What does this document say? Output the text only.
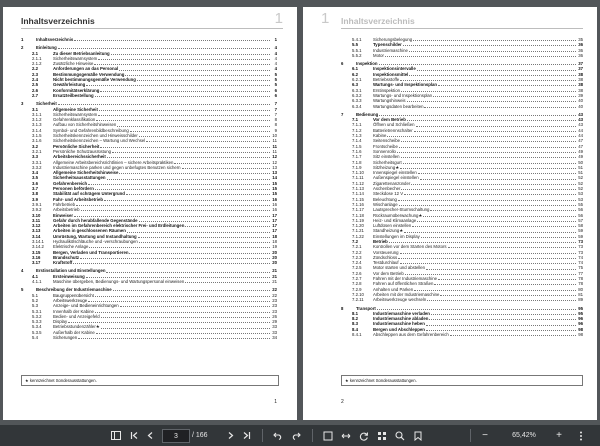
Inhaltsverzeichnis	1
1	Inhaltsverzeichnis	1
2	Einleitung	4
2.1	Zu dieser Betriebsanleitung	4
2.1.1	Sicherheitswarnsystem	4
2.1.2	Zusätzliche Hinweise	4
2.2	Anforderungen an das Personal	4
2.3	Bestimmungsgemäße Verwendung	5
2.4	Nicht bestimmungsgemäße Verwendung	5
2.5	Gewährleistung	5
2.6	Konformitätserklärung	6
2.7	Ersatzteilbestellung	6
3	Sicherheit	7
3.1	Allgemeine Sicherheit	7
3.1.1	Sicherheitswarnsystem	7
3.1.2	Gefahrenklassifikation	8
3.1.3	Aufbau von Sicherheitshinweisen	8
3.1.4	Symbol- und Gefahrenbildbeschreibung	9
3.1.5	Sicherheitskennzeichen und Hinweisschilder	10
3.1.6	Sicherheitskennzeichen – Wartung und Wechsel	11
3.2	Persönliche Sicherheit	11
3.2.1	Persönliche Schutzausrüstung	11
3.3	Arbeitsbereichssicherheit	12
3.3.1	Allgemeine Arbeitsbereichsrichtlinien – sichere Arbeitspraktiken	12
3.3.2	Industriemaschine parken und gegen unbefugtes Benutzen sichern	13
3.4	Allgemeine Sicherheitshinweise	13
3.5	Sicherheitsausstattungen	14
3.6	Gefahrenbereich	15
3.7	Personen befördern	15
3.8	Stabilität auf schrägem Untergrund	15
3.9	Fahr- und Arbeitsbetrieb	16
3.9.1	Fahrbetrieb	16
3.9.2	Arbeitsbetrieb	16
3.10	Einweiser	17
3.11	Gefahr durch herabfallende Gegenstände	17
3.12	Arbeiten im Gefahrenbereich elektrischer Frei- und Erdleitungen	17
3.13	Arbeiten in geschlossenen Räumen	17
3.14	Umrüstung, Wartung und Instandhaltung	18
3.14.1	Hydraulikölschläuche und -verschraubungen	18
3.14.2	Elektrische Anlage	19
3.15	Bergen, Verladen und Transportieren	20
3.16	Brandschutz	20
3.17	Kraftstoff	20
4	Erstinstallation und Einstellungen	21
4.1	Ersteinweisung	21
4.1.1	Maschine übergeben, Bedienungs- und Wartungspersonal einweisen	21
5	Beschreibung der Industriemaschine	22
5.1	Baugruppenübersicht	22
5.2	Arbeitswerkzeuge	23
5.3	Anzeige- und Bedieneinrichtungen	23
5.3.1	Innenhalb der Kabine	23
5.3.2	Bedien- und Anzeigefeld	26
5.3.3	Display	29
5.3.4	Betriebsstundenzähler★	33
5.3.5	Außerhalb der Kabine	33
5.4	Sicherungen	34
★ kennzeichnet Sonderausstattungen.
1
1 Inhaltsverzeichnis
5.4.1	Sicherungsbelegung	35
5.5	Typenschilder	36
5.5.1	Industriemaschine	36
5.5.2	Motor	36
6	Inspektion	37
6.1	Inspektionsintervalle	37
6.2	Inspektionsmittel	38
6.2.1	Betriebsstoffe	38
6.3	Wartungs- und Inspektionsplan	38
6.3.1	Erstinspektion	38
6.3.2	Wartungs- und Inspektionsplan	39
6.3.3	Wartungshinweis	40
6.3.4	Wartungsdaten bearbeiten	40
7	Bedienung	43
7.1	Vor dem Betrieb	43
7.1.1	Öffnen und Schließen	43
7.1.2	Batterietrennschalter	44
7.1.3	Kabine	44
7.1.4	Seitenscheibe	47
7.1.5	Frontscheibe	47
7.1.6	Sonnenrollo	49
7.1.7	Sitz einstellen	49
7.1.8	Sicherheitsgurt	50
7.1.9	Sitzheizung★	51
7.1.10	Innenspiegel einstellen	51
7.1.11	Außenspiegel einstellen	52
7.1.12	Zigarettenanzünder	52
7.1.13	Aschenbecher	52
7.1.14	Steckdose 12 V	53
7.1.15	Beleuchtung	53
7.1.16	Wischanlage	55
7.1.17	Lautsprecher-Sturmschaltung	56
7.1.18	Rückraumüberwachung★	56
7.1.19	Heiz- und Klimaanlage	57
7.1.20	Luftdüsen einstellen	58
7.1.21	Standheizung★	59
7.1.22	Einstellungen im Display	59
7.2	Betrieb	73
7.2.1	Kontrollen vor dem Starten des Motors	73
7.2.2	Vorsteuerung	73
7.2.3	Zündschloss	74
7.2.4	Testdurchlauf	74
7.2.5	Motor starten und abstellen	75
7.2.6	Vor dem Betrieb	77
7.2.7	Fahren mit der Industriemaschine	78
7.2.8	Fahren auf öffentlichen Straßen	78
7.2.9	Anhalten und Parken	80
7.2.10	Arbeiten mit der Industriemaschine	81
7.2.11	Arbeitswerkzeuge wechseln	89
8	Transport	95
8.1	Industriemaschine verladen	95
8.2	Industriemaschine abladen	96
8.3	Industriemaschine heben	96
8.4	Bergen und Abschleppen	98
8.4.1	Abschleppen aus dem Gefahrenbereich	98
★ kennzeichnet Sonderausstattungen.
2
3	/ 166	−	65,42%	+
